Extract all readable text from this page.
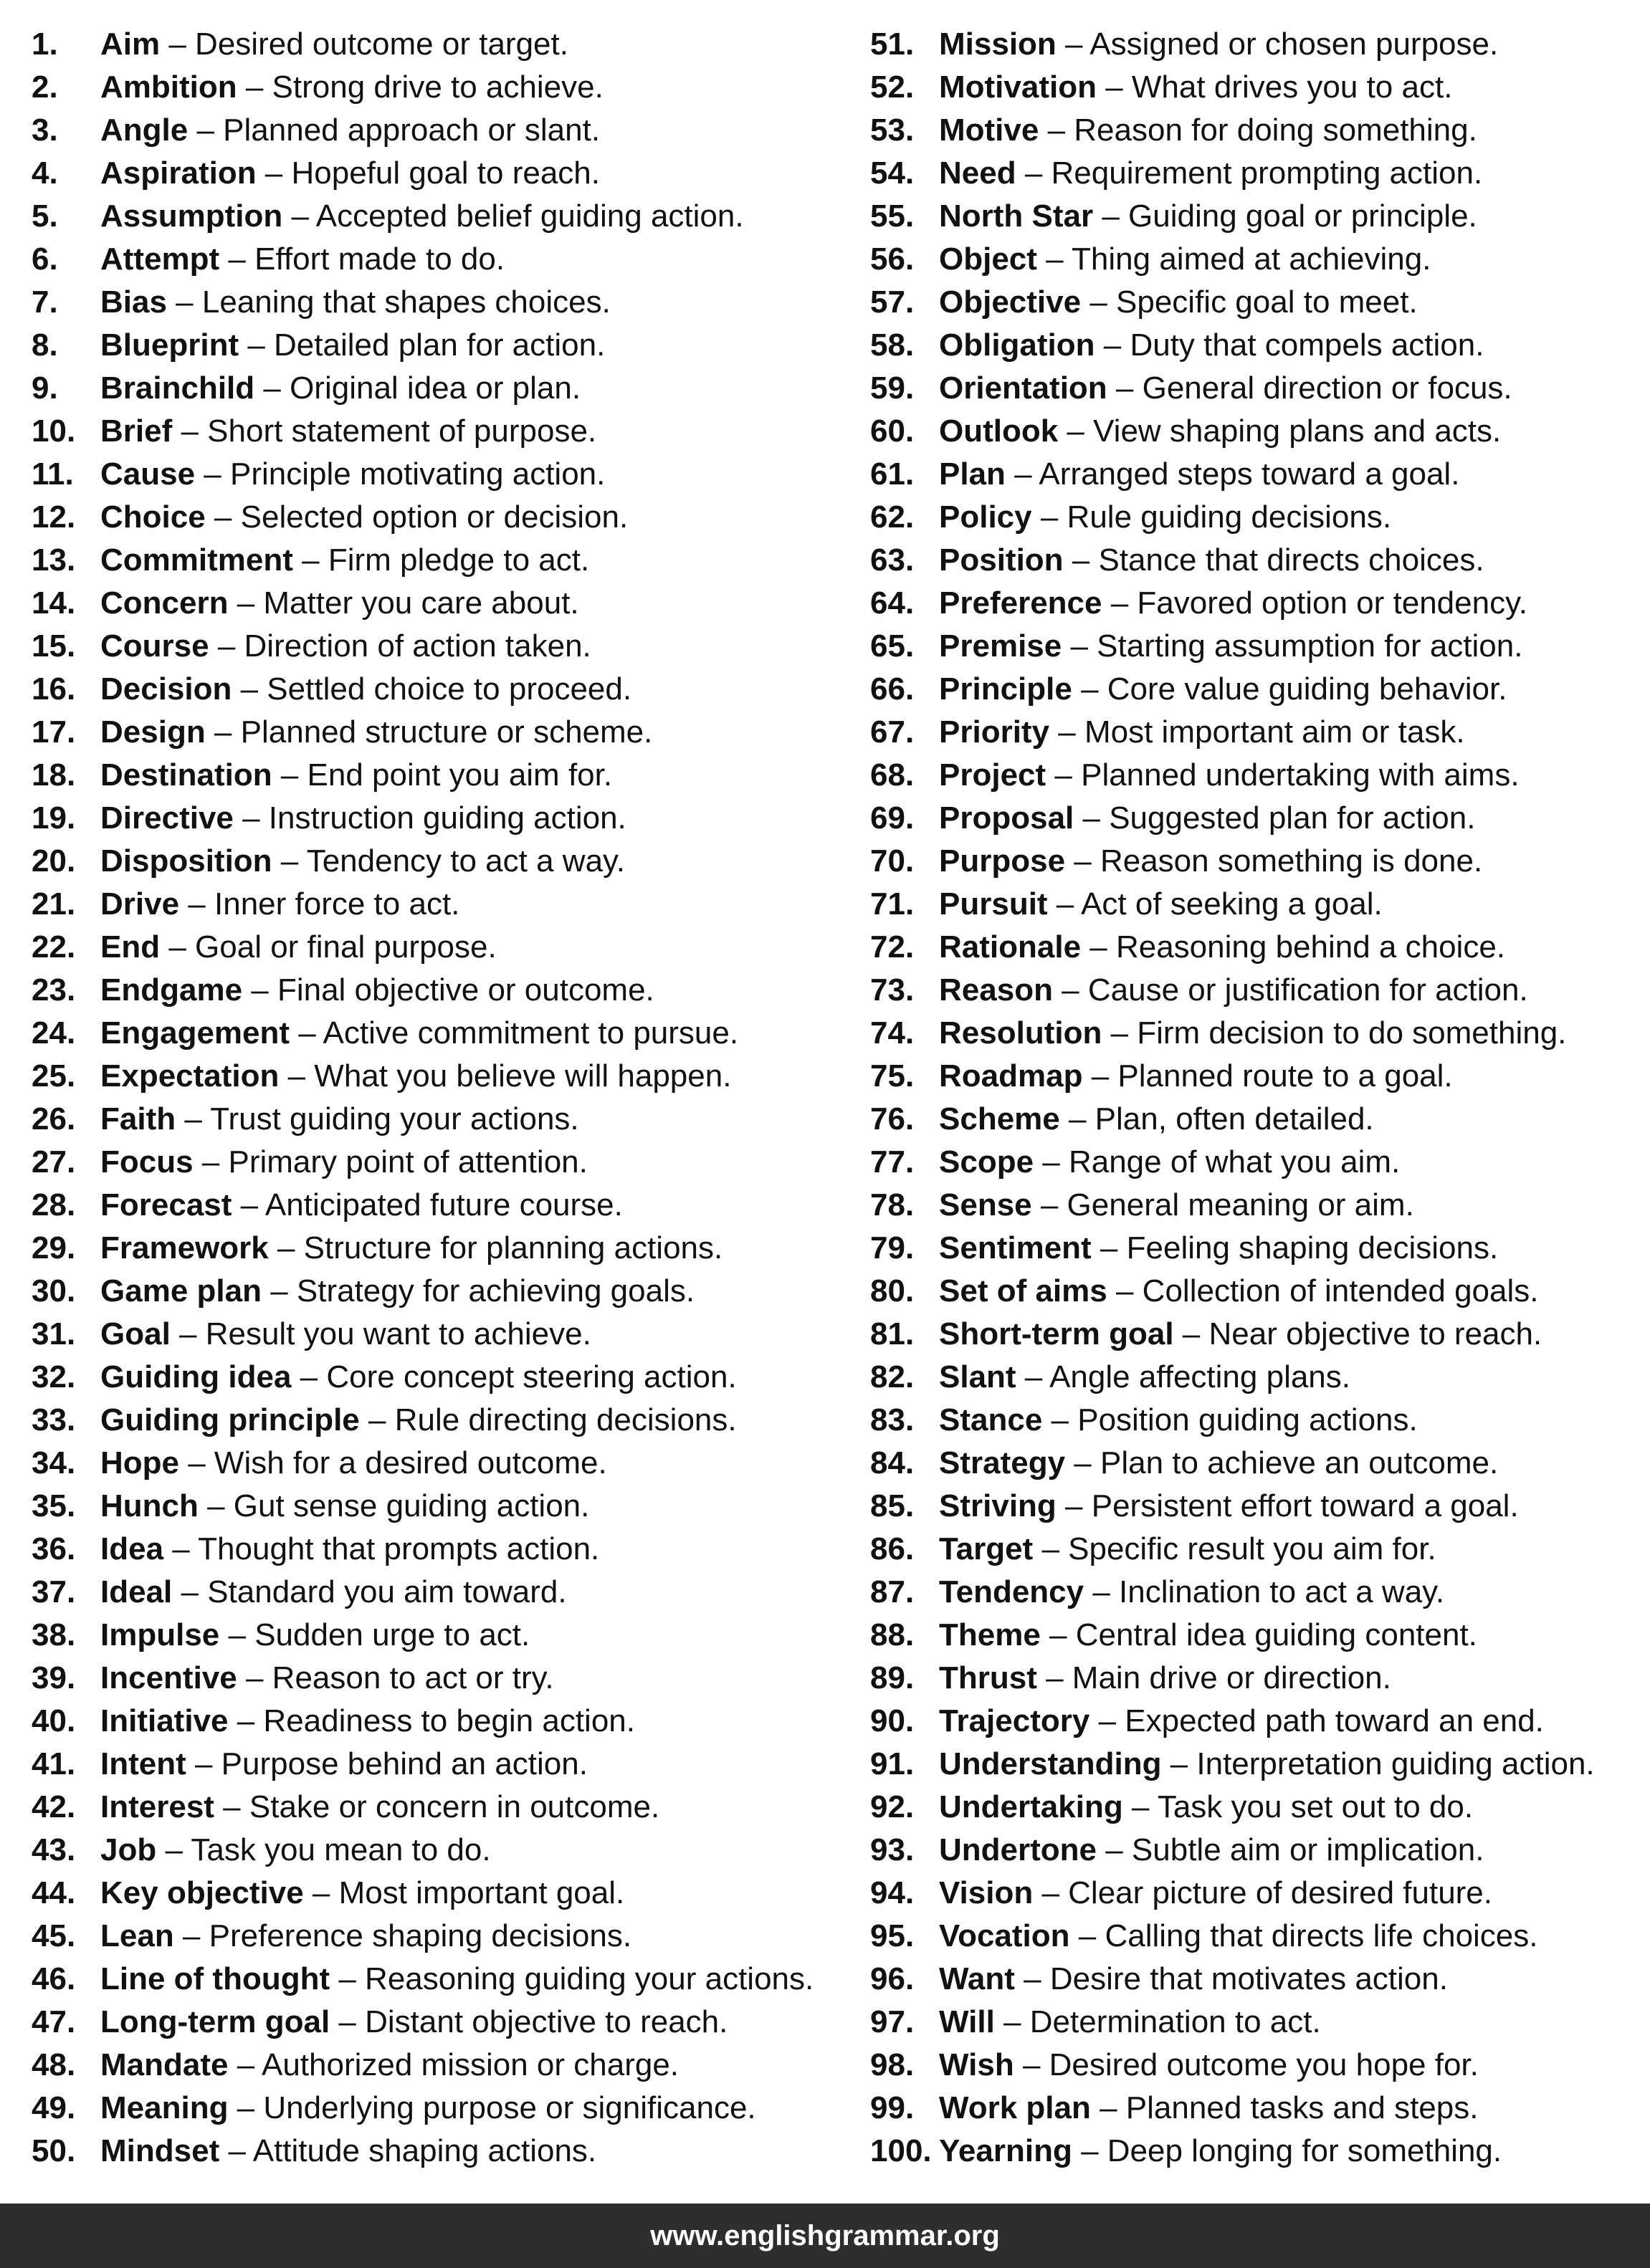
1. Aim – Desired outcome or target.
2. Ambition – Strong drive to achieve.
3. Angle – Planned approach or slant.
4. Aspiration – Hopeful goal to reach.
5. Assumption – Accepted belief guiding action.
6. Attempt – Effort made to do.
7. Bias – Leaning that shapes choices.
8. Blueprint – Detailed plan for action.
9. Brainchild – Original idea or plan.
10. Brief – Short statement of purpose.
11. Cause – Principle motivating action.
12. Choice – Selected option or decision.
13. Commitment – Firm pledge to act.
14. Concern – Matter you care about.
15. Course – Direction of action taken.
16. Decision – Settled choice to proceed.
17. Design – Planned structure or scheme.
18. Destination – End point you aim for.
19. Directive – Instruction guiding action.
20. Disposition – Tendency to act a way.
21. Drive – Inner force to act.
22. End – Goal or final purpose.
23. Endgame – Final objective or outcome.
24. Engagement – Active commitment to pursue.
25. Expectation – What you believe will happen.
26. Faith – Trust guiding your actions.
27. Focus – Primary point of attention.
28. Forecast – Anticipated future course.
29. Framework – Structure for planning actions.
30. Game plan – Strategy for achieving goals.
31. Goal – Result you want to achieve.
32. Guiding idea – Core concept steering action.
33. Guiding principle – Rule directing decisions.
34. Hope – Wish for a desired outcome.
35. Hunch – Gut sense guiding action.
36. Idea – Thought that prompts action.
37. Ideal – Standard you aim toward.
38. Impulse – Sudden urge to act.
39. Incentive – Reason to act or try.
40. Initiative – Readiness to begin action.
41. Intent – Purpose behind an action.
42. Interest – Stake or concern in outcome.
43. Job – Task you mean to do.
44. Key objective – Most important goal.
45. Lean – Preference shaping decisions.
46. Line of thought – Reasoning guiding your actions.
47. Long-term goal – Distant objective to reach.
48. Mandate – Authorized mission or charge.
49. Meaning – Underlying purpose or significance.
50. Mindset – Attitude shaping actions.
51. Mission – Assigned or chosen purpose.
52. Motivation – What drives you to act.
53. Motive – Reason for doing something.
54. Need – Requirement prompting action.
55. North Star – Guiding goal or principle.
56. Object – Thing aimed at achieving.
57. Objective – Specific goal to meet.
58. Obligation – Duty that compels action.
59. Orientation – General direction or focus.
60. Outlook – View shaping plans and acts.
61. Plan – Arranged steps toward a goal.
62. Policy – Rule guiding decisions.
63. Position – Stance that directs choices.
64. Preference – Favored option or tendency.
65. Premise – Starting assumption for action.
66. Principle – Core value guiding behavior.
67. Priority – Most important aim or task.
68. Project – Planned undertaking with aims.
69. Proposal – Suggested plan for action.
70. Purpose – Reason something is done.
71. Pursuit – Act of seeking a goal.
72. Rationale – Reasoning behind a choice.
73. Reason – Cause or justification for action.
74. Resolution – Firm decision to do something.
75. Roadmap – Planned route to a goal.
76. Scheme – Plan, often detailed.
77. Scope – Range of what you aim.
78. Sense – General meaning or aim.
79. Sentiment – Feeling shaping decisions.
80. Set of aims – Collection of intended goals.
81. Short-term goal – Near objective to reach.
82. Slant – Angle affecting plans.
83. Stance – Position guiding actions.
84. Strategy – Plan to achieve an outcome.
85. Striving – Persistent effort toward a goal.
86. Target – Specific result you aim for.
87. Tendency – Inclination to act a way.
88. Theme – Central idea guiding content.
89. Thrust – Main drive or direction.
90. Trajectory – Expected path toward an end.
91. Understanding – Interpretation guiding action.
92. Undertaking – Task you set out to do.
93. Undertone – Subtle aim or implication.
94. Vision – Clear picture of desired future.
95. Vocation – Calling that directs life choices.
96. Want – Desire that motivates action.
97. Will – Determination to act.
98. Wish – Desired outcome you hope for.
99. Work plan – Planned tasks and steps.
100. Yearning – Deep longing for something.
www.englishgrammar.org
